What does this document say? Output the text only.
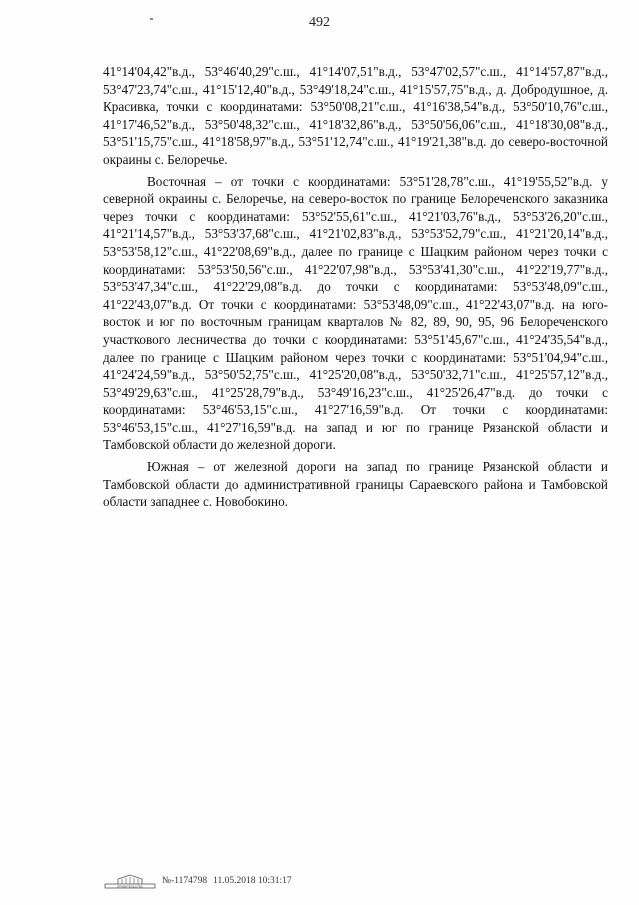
492

41°14'04,42"в.д., 53°46'40,29"с.ш., 41°14'07,51"в.д., 53°47'02,57"с.ш., 41°14'57,87"в.д., 53°47'23,74"с.ш., 41°15'12,40"в.д., 53°49'18,24"с.ш., 41°15'57,75"в.д., д. Добродушное, д. Красивка, точки с координатами: 53°50'08,21"с.ш., 41°16'38,54"в.д., 53°50'10,76"с.ш., 41°17'46,52"в.д., 53°50'48,32"с.ш., 41°18'32,86"в.д., 53°50'56,06"с.ш., 41°18'30,08"в.д., 53°51'15,75"с.ш., 41°18'58,97"в.д., 53°51'12,74"с.ш., 41°19'21,38"в.д. до северо-восточной окраины с. Белоречье.

Восточная – от точки с координатами: 53°51'28,78"с.ш., 41°19'55,52"в.д. у северной окраины с. Белоречье, на северо-восток по границе Белореченского заказника через точки с координатами: 53°52'55,61"с.ш., 41°21'03,76"в.д., 53°53'26,20"с.ш., 41°21'14,57"в.д., 53°53'37,68"с.ш., 41°21'02,83"в.д., 53°53'52,79"с.ш., 41°21'20,14"в.д., 53°53'58,12"с.ш., 41°22'08,69"в.д., далее по границе с Шацким районом через точки с координатами: 53°53'50,56"с.ш., 41°22'07,98"в.д., 53°53'41,30"с.ш., 41°22'19,77"в.д., 53°53'47,34"с.ш., 41°22'29,08"в.д. до точки с координатами: 53°53'48,09"с.ш., 41°22'43,07"в.д. От точки с координатами: 53°53'48,09"с.ш., 41°22'43,07"в.д. на юго-восток и юг по восточным границам кварталов № 82, 89, 90, 95, 96 Белореченского участкового лесничества до точки с координатами: 53°51'45,67"с.ш., 41°24'35,54"в.д., далее по границе с Шацким районом через точки с координатами: 53°51'04,94"с.ш., 41°24'24,59"в.д., 53°50'52,75"с.ш., 41°25'20,08"в.д., 53°50'32,71"с.ш., 41°25'57,12"в.д., 53°49'29,63"с.ш., 41°25'28,79"в.д., 53°49'16,23"с.ш., 41°25'26,47"в.д. до точки с координатами: 53°46'53,15"с.ш., 41°27'16,59"в.д. От точки с координатами: 53°46'53,15"с.ш., 41°27'16,59"в.д. на запад и юг по границе Рязанской области и Тамбовской области до железной дороги.

Южная – от железной дороги на запад по границе Рязанской области и Тамбовской области до административной границы Сараевского района и Тамбовской области западнее с. Новобокино.

ПРАВИТЕЛЬСТВО
№-1174798 11.05.2018 10:31:17
